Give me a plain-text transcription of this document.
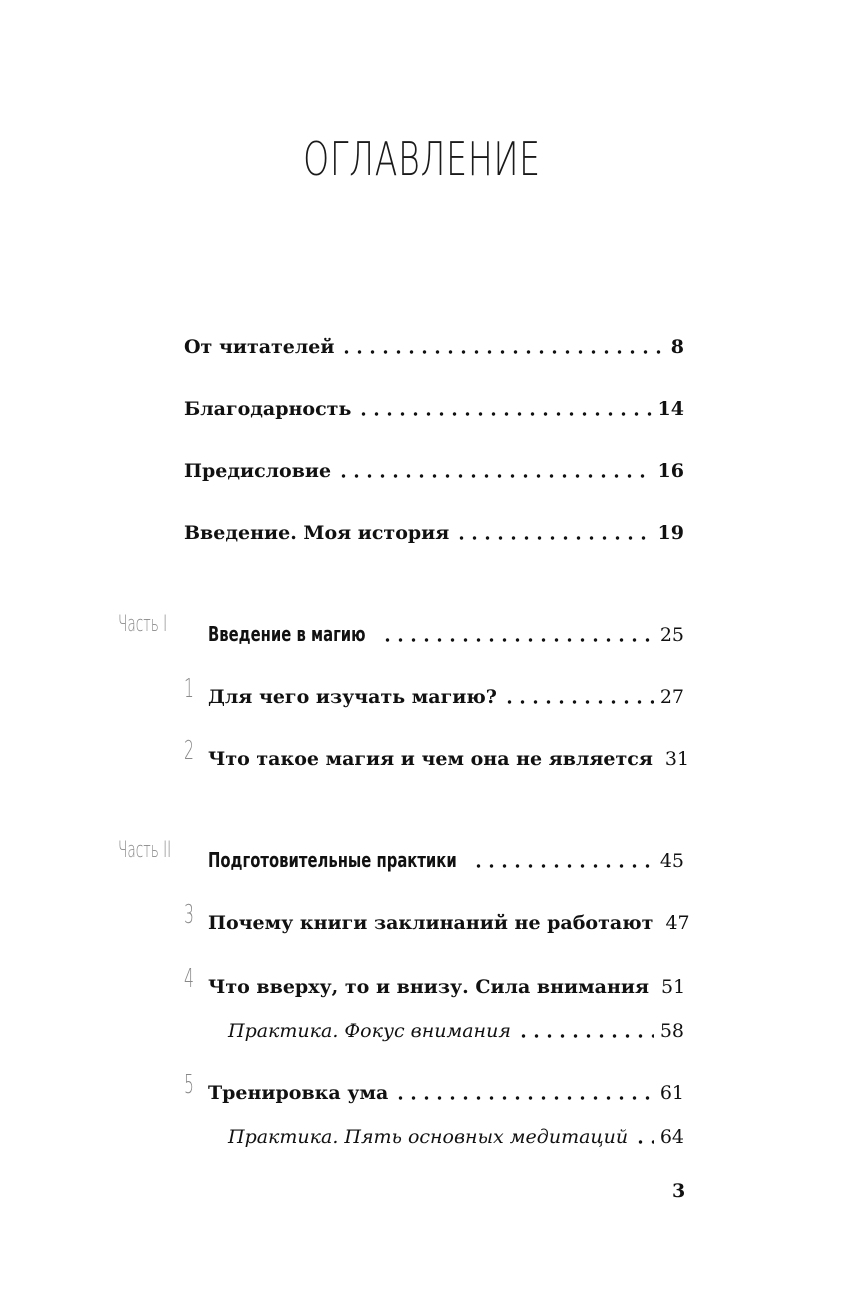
ОГЛАВЛЕНИЕ
От читателей	8
Благодарность	14
Предисловие	16
Введение. Моя история	19
Часть I Введение в магию	25
1 Для чего изучать магию?	27
2 Что такое магия и чем она не является 31
Часть II Подготовительные практики	45
3 Почему книги заклинаний не работают 47
4 Что вверху, то и внизу. Сила внимания 51
Практика. Фокус внимания	58
5 Тренировка ума	61
Практика. Пять основных медитаций 64
3
